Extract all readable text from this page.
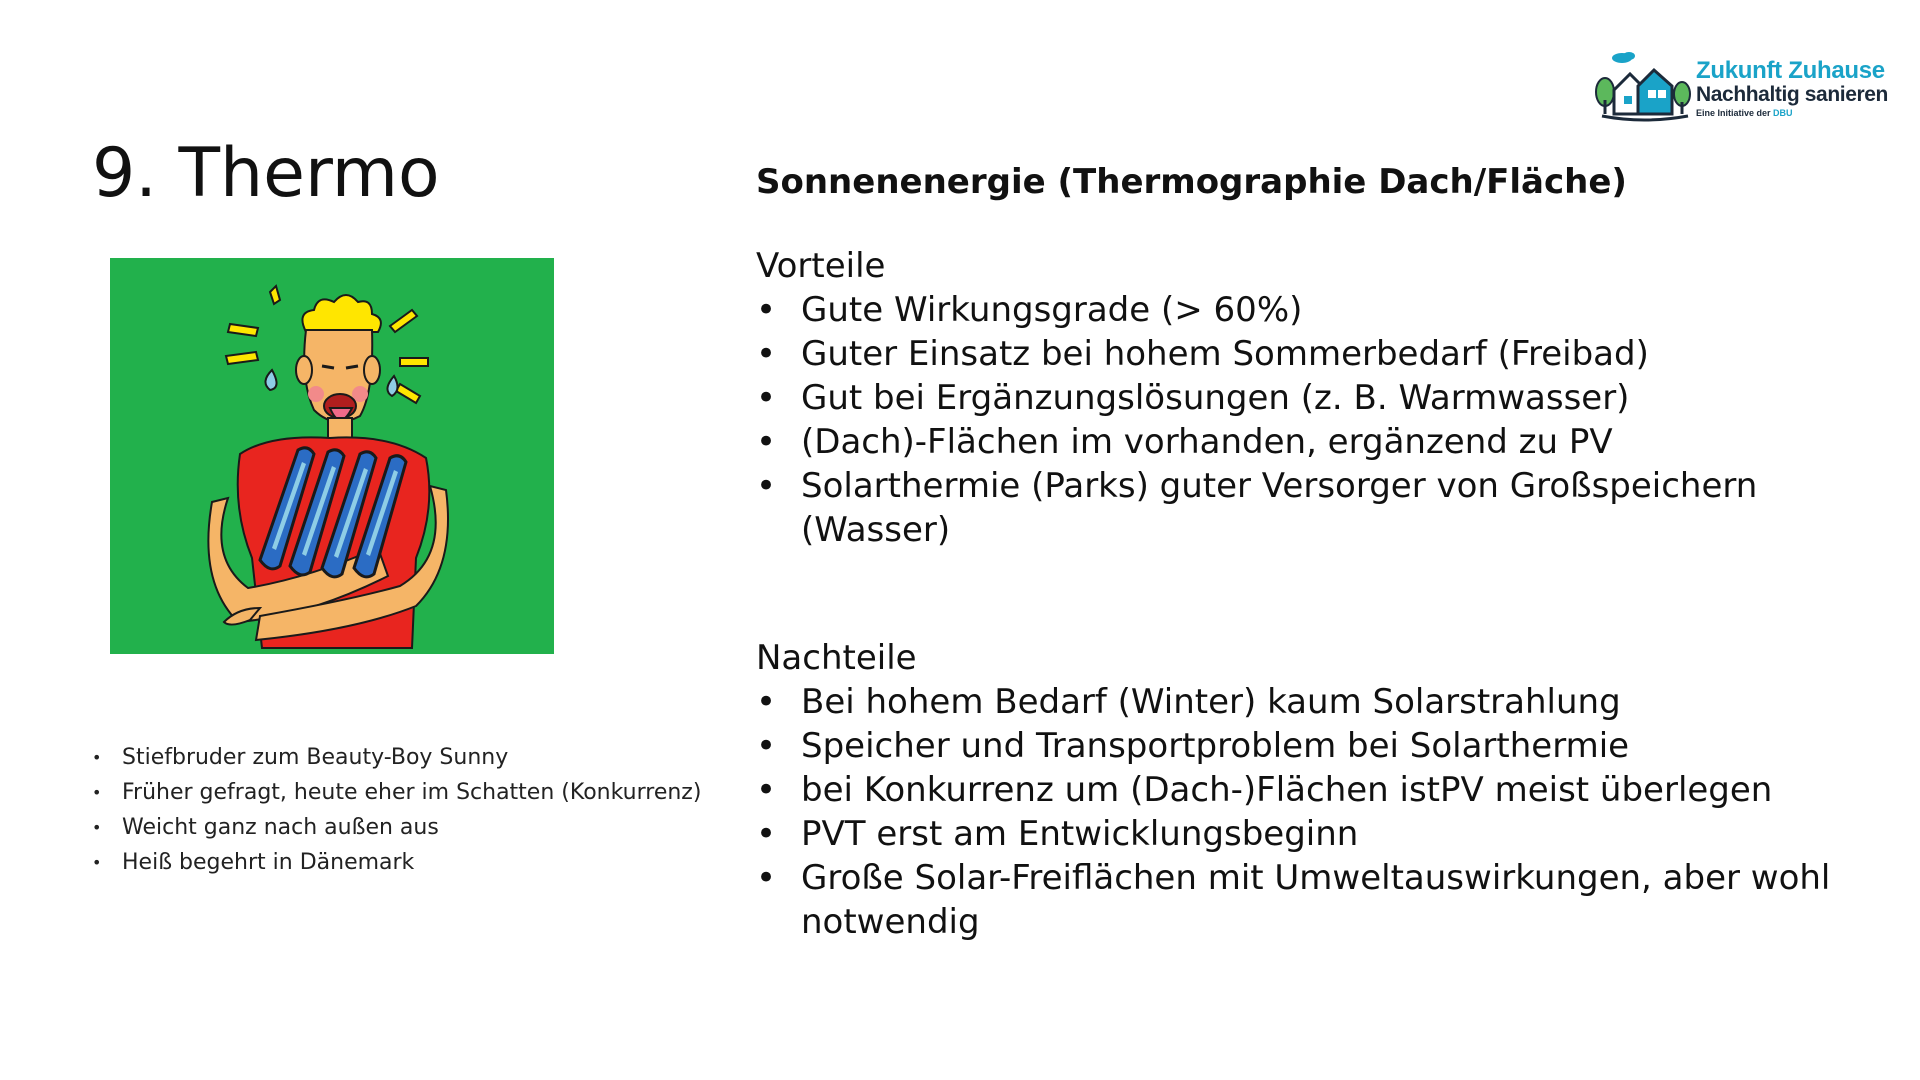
Zukunft Zuhause
Nachhaltig sanieren
Eine Initiative der DBU
9. Thermo
• Stiefbruder zum Beauty-Boy Sunny
• Früher gefragt, heute eher im Schatten (Konkurrenz)
• Weicht ganz nach außen aus
• Heiß begehrt in Dänemark
Sonnenenergie (Thermographie Dach/Fläche)

Vorteile

• Gute Wirkungsgrade (> 60%)
• Guter Einsatz bei hohem Sommerbedarf (Freibad)
• Gut bei Ergänzungslösungen (z. B. Warmwasser)
• (Dach)-Flächen im vorhanden, ergänzend zu PV
• Solarthermie (Parks) guter Versorger von Großspeichern (Wasser)

Nachteile

• Bei hohem Bedarf (Winter) kaum Solarstrahlung
• Speicher und Transportproblem bei Solarthermie
• bei Konkurrenz um (Dach-)Flächen istPV meist überlegen
• PVT erst am Entwicklungsbeginn
• Große Solar-Freiflächen mit Umweltauswirkungen, aber wohl notwendig
